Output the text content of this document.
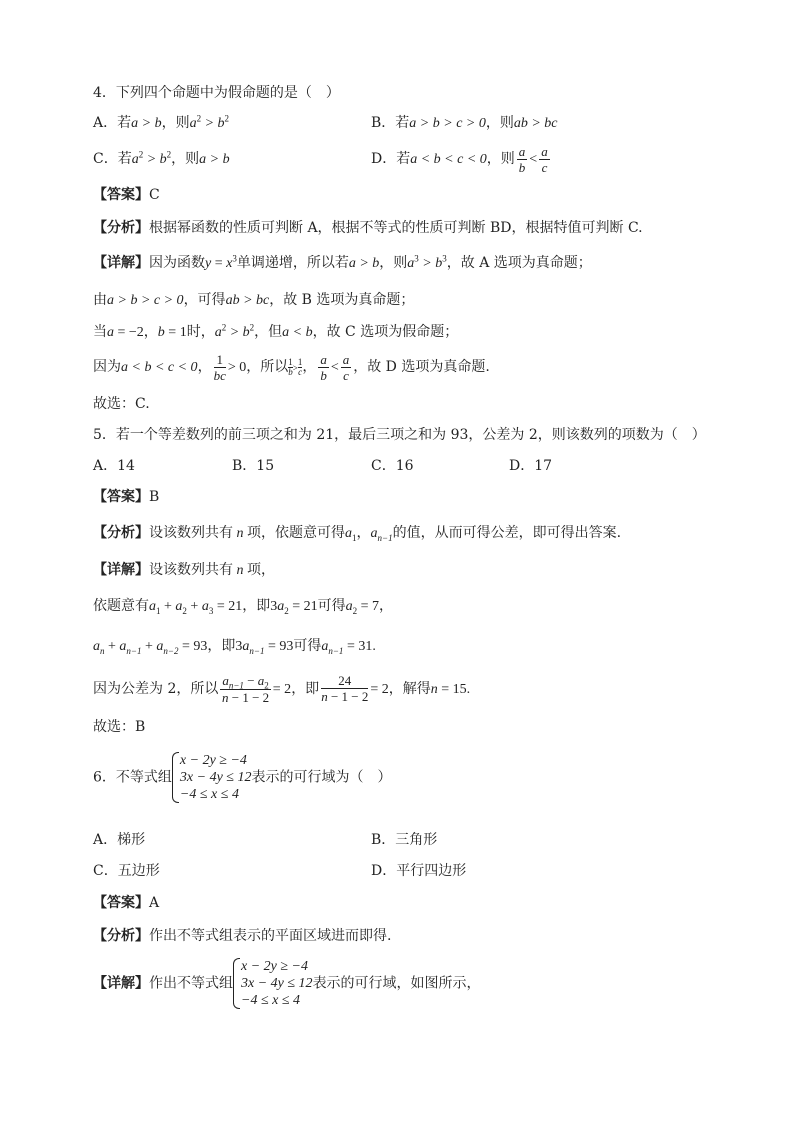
4．下列四个命题中为假命题的是（　）
A．若a > b，则$a^2 > b^2$	B．若a > b > c > 0，则ab > bc
C．若$a^2 > b^2$，则a > b	D．若a < b < c < 0，则 $\frac{a}{b} < \frac{a}{c}$
【答案】C
【分析】根据幂函数的性质可判断 A，根据不等式的性质可判断 BD，根据特值可判断 C.
【详解】因为函数$y = x^3$单调递增，所以若a > b，则$a^3 > b^3$，故 A 选项为真命题；
由a > b > c > 0，可得ab > bc，故 B 选项为真命题；
当a = −2，b = 1时，$a^2 > b^2$，但a < b，故 C 选项为假命题；
因为a < b < c < 0， $\frac{1}{bc} > 0$，所以 $\frac{1}{b} > \frac{1}{c}$ ， $\frac{a}{b} < \frac{a}{c}$ ，故 D 选项为真命题.
故选：C.
5．若一个等差数列的前三项之和为 21，最后三项之和为 93，公差为 2，则该数列的项数为（　）
A．14	B．15	C．16	D．17
【答案】B
【分析】设该数列共有 n 项，依题意可得$a_1$，$a_{n-1}$的值，从而可得公差，即可得出答案.
【详解】设该数列共有 n 项，
依题意有$a_1 + a_2 + a_3 = 21$，即$3a_2 = 21$可得$a_2 = 7$，
$a_n + a_{n-1} + a_{n-2} = 93$，即$3a_{n-1} = 93$可得$a_{n-1} = 31$.
因为公差为 2，所以 $\frac{a_{n-1} - a_2}{n - 1 - 2} = 2$，即 $\frac{24}{n - 1 - 2} = 2$，解得n = 15.
故选：B
6．不等式组
x − 2y ≥ −4
3x − 4y ≤ 12
−4 ≤ x ≤ 4
表示的可行域为（　）
A．梯形	B．三角形
C．五边形	D．平行四边形
【答案】A
【分析】作出不等式组表示的平面区域进而即得.
【详解】作出不等式组
x − 2y ≥ −4
3x − 4y ≤ 12
−4 ≤ x ≤ 4
表示的可行域，如图所示，
